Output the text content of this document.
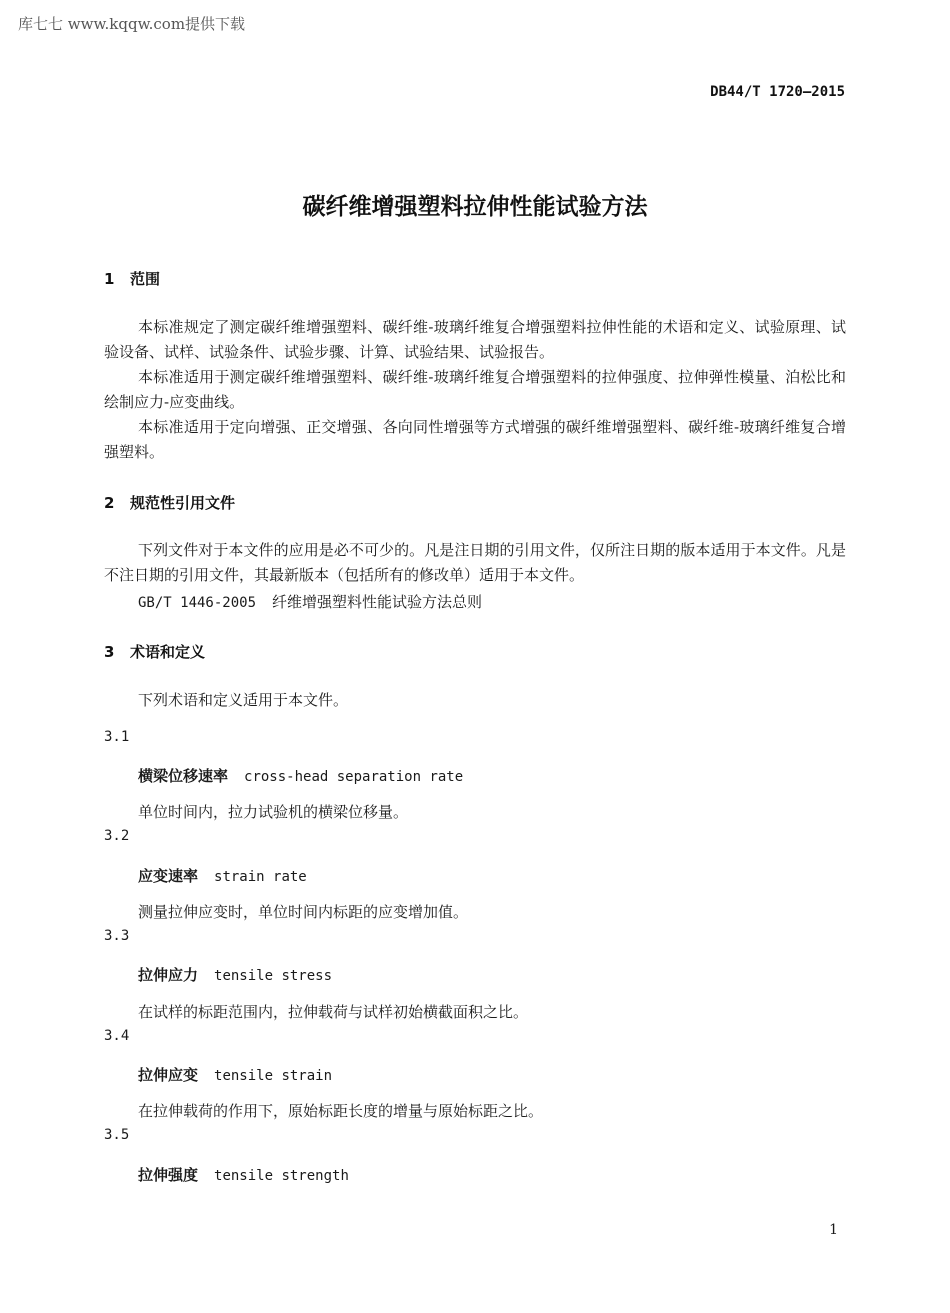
库七七 www.kqqw.com提供下载
DB44/T 1720—2015
碳纤维增强塑料拉伸性能试验方法
1 范围

本标准规定了测定碳纤维增强塑料、碳纤维-玻璃纤维复合增强塑料拉伸性能的术语和定义、试验原理、试验设备、试样、试验条件、试验步骤、计算、试验结果、试验报告。

本标准适用于测定碳纤维增强塑料、碳纤维-玻璃纤维复合增强塑料的拉伸强度、拉伸弹性模量、泊松比和绘制应力-应变曲线。

本标准适用于定向增强、正交增强、各向同性增强等方式增强的碳纤维增强塑料、碳纤维-玻璃纤维复合增强塑料。

2 规范性引用文件

下列文件对于本文件的应用是必不可少的。凡是注日期的引用文件，仅所注日期的版本适用于本文件。凡是不注日期的引用文件，其最新版本（包括所有的修改单）适用于本文件。

GB/T 1446-2005 纤维增强塑料性能试验方法总则
3 术语和定义
下列术语和定义适用于本文件。
3.1
横梁位移速率 cross-head separation rate
单位时间内，拉力试验机的横梁位移量。
3.2
应变速率 strain rate
测量拉伸应变时，单位时间内标距的应变增加值。
3.3
拉伸应力 tensile stress
在试样的标距范围内，拉伸载荷与试样初始横截面积之比。
3.4
拉伸应变 tensile strain
在拉伸载荷的作用下，原始标距长度的增量与原始标距之比。
3.5
拉伸强度 tensile strength
1
